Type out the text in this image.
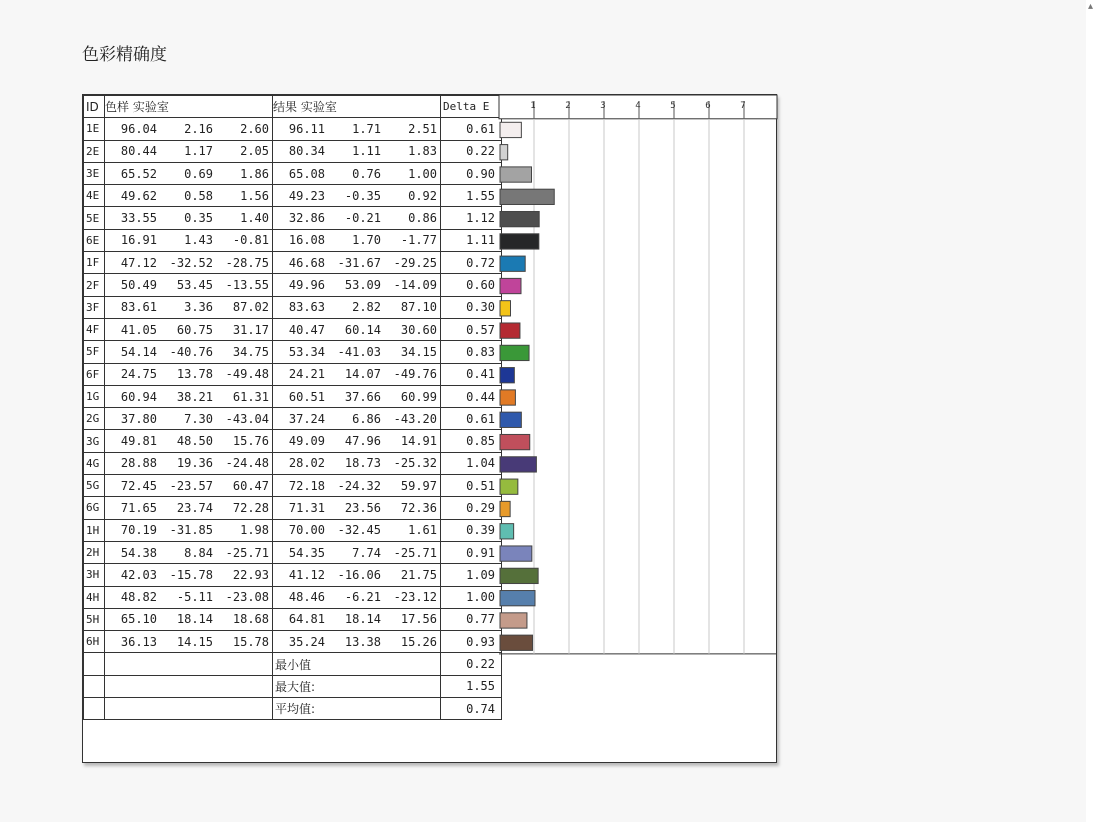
▴
色彩精确度
ID	色样 实验室	结果 实验室	Delta E
1E	96.04 2.16 2.60	96.11 1.71 2.51	0.61
2E	80.44 1.17 2.05	80.34 1.11 1.83	0.22
3E	65.52 0.69 1.86	65.08 0.76 1.00	0.90
4E	49.62 0.58 1.56	49.23 -0.35 0.92	1.55
5E	33.55 0.35 1.40	32.86 -0.21 0.86	1.12
6E	16.91 1.43 -0.81	16.08 1.70 -1.77	1.11
1F	47.12 -32.52 -28.75	46.68 -31.67 -29.25	0.72
2F	50.49 53.45 -13.55	49.96 53.09 -14.09	0.60
3F	83.61 3.36 87.02	83.63 2.82 87.10	0.30
4F	41.05 60.75 31.17	40.47 60.14 30.60	0.57
5F	54.14 -40.76 34.75	53.34 -41.03 34.15	0.83
6F	24.75 13.78 -49.48	24.21 14.07 -49.76	0.41
1G	60.94 38.21 61.31	60.51 37.66 60.99	0.44
2G	37.80 7.30 -43.04	37.24 6.86 -43.20	0.61
3G	49.81 48.50 15.76	49.09 47.96 14.91	0.85
4G	28.88 19.36 -24.48	28.02 18.73 -25.32	1.04
5G	72.45 -23.57 60.47	72.18 -24.32 59.97	0.51
6G	71.65 23.74 72.28	71.31 23.56 72.36	0.29
1H	70.19 -31.85 1.98	70.00 -32.45 1.61	0.39
2H	54.38 8.84 -25.71	54.35 7.74 -25.71	0.91
3H	42.03 -15.78 22.93	41.12 -16.06 21.75	1.09
4H	48.82 -5.11 -23.08	48.46 -6.21 -23.12	1.00
5H	65.10 18.14 18.68	64.81 18.14 17.56	0.77
6H	36.13 14.15 15.78	35.24 13.38 15.26	0.93
		最小值	0.22
		最大值:	1.55
		平均值:	0.74
1	2	3	4	5	6	7
